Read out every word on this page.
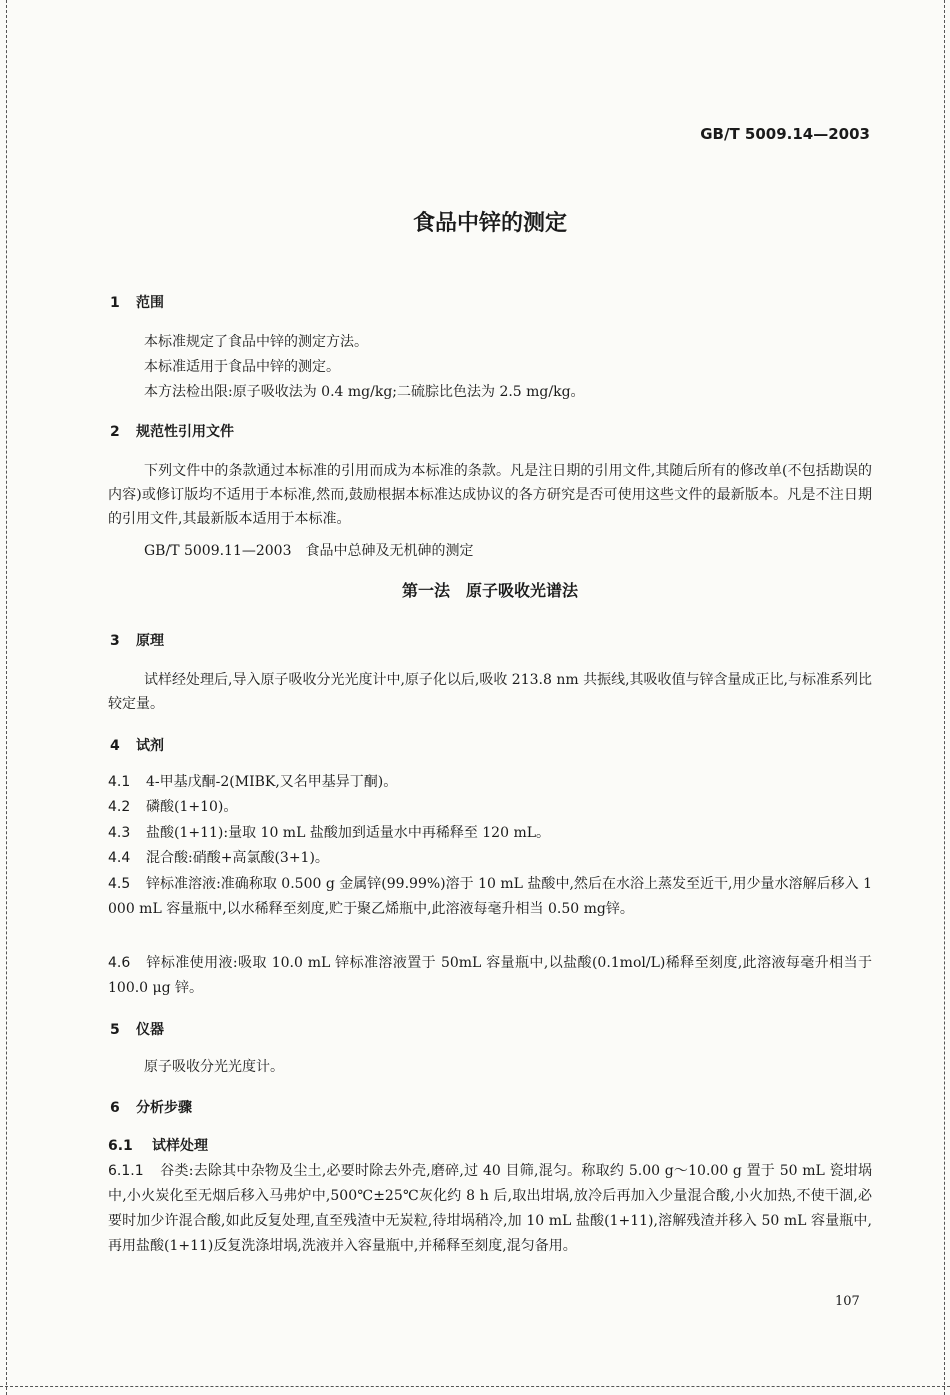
GB/T 5009.14—2003
食品中锌的测定
1 范围
本标准规定了食品中锌的测定方法。
本标准适用于食品中锌的测定。
本方法检出限:原子吸收法为 0.4 mg/kg;二硫腙比色法为 2.5 mg/kg。
2 规范性引用文件
下列文件中的条款通过本标准的引用而成为本标准的条款。凡是注日期的引用文件,其随后所有的修改单(不包括勘误的内容)或修订版均不适用于本标准,然而,鼓励根据本标准达成协议的各方研究是否可使用这些文件的最新版本。凡是不注日期的引用文件,其最新版本适用于本标准。
GB/T 5009.11—2003　食品中总砷及无机砷的测定
第一法　原子吸收光谱法
3 原理
试样经处理后,导入原子吸收分光光度计中,原子化以后,吸收 213.8 nm 共振线,其吸收值与锌含量成正比,与标准系列比较定量。
4 试剂
4.1 4-甲基戊酮-2(MIBK,又名甲基异丁酮)。
4.2 磷酸(1+10)。
4.3 盐酸(1+11):量取 10 mL 盐酸加到适量水中再稀释至 120 mL。
4.4 混合酸:硝酸+高氯酸(3+1)。
4.5 锌标准溶液:准确称取 0.500 g 金属锌(99.99%)溶于 10 mL 盐酸中,然后在水浴上蒸发至近干,用少量水溶解后移入 1 000 mL 容量瓶中,以水稀释至刻度,贮于聚乙烯瓶中,此溶液每毫升相当 0.50 mg锌。
4.6 锌标准使用液:吸取 10.0 mL 锌标准溶液置于 50mL 容量瓶中,以盐酸(0.1mol/L)稀释至刻度,此溶液每毫升相当于 100.0 μg 锌。
5 仪器
原子吸收分光光度计。
6 分析步骤
6.1 试样处理
6.1.1 谷类:去除其中杂物及尘土,必要时除去外壳,磨碎,过 40 目筛,混匀。称取约 5.00 g～10.00 g 置于 50 mL 瓷坩埚中,小火炭化至无烟后移入马弗炉中,500℃±25℃灰化约 8 h 后,取出坩埚,放冷后再加入少量混合酸,小火加热,不使干涸,必要时加少许混合酸,如此反复处理,直至残渣中无炭粒,待坩埚稍冷,加 10 mL 盐酸(1+11),溶解残渣并移入 50 mL 容量瓶中,再用盐酸(1+11)反复洗涤坩埚,洗液并入容量瓶中,并稀释至刻度,混匀备用。
107
